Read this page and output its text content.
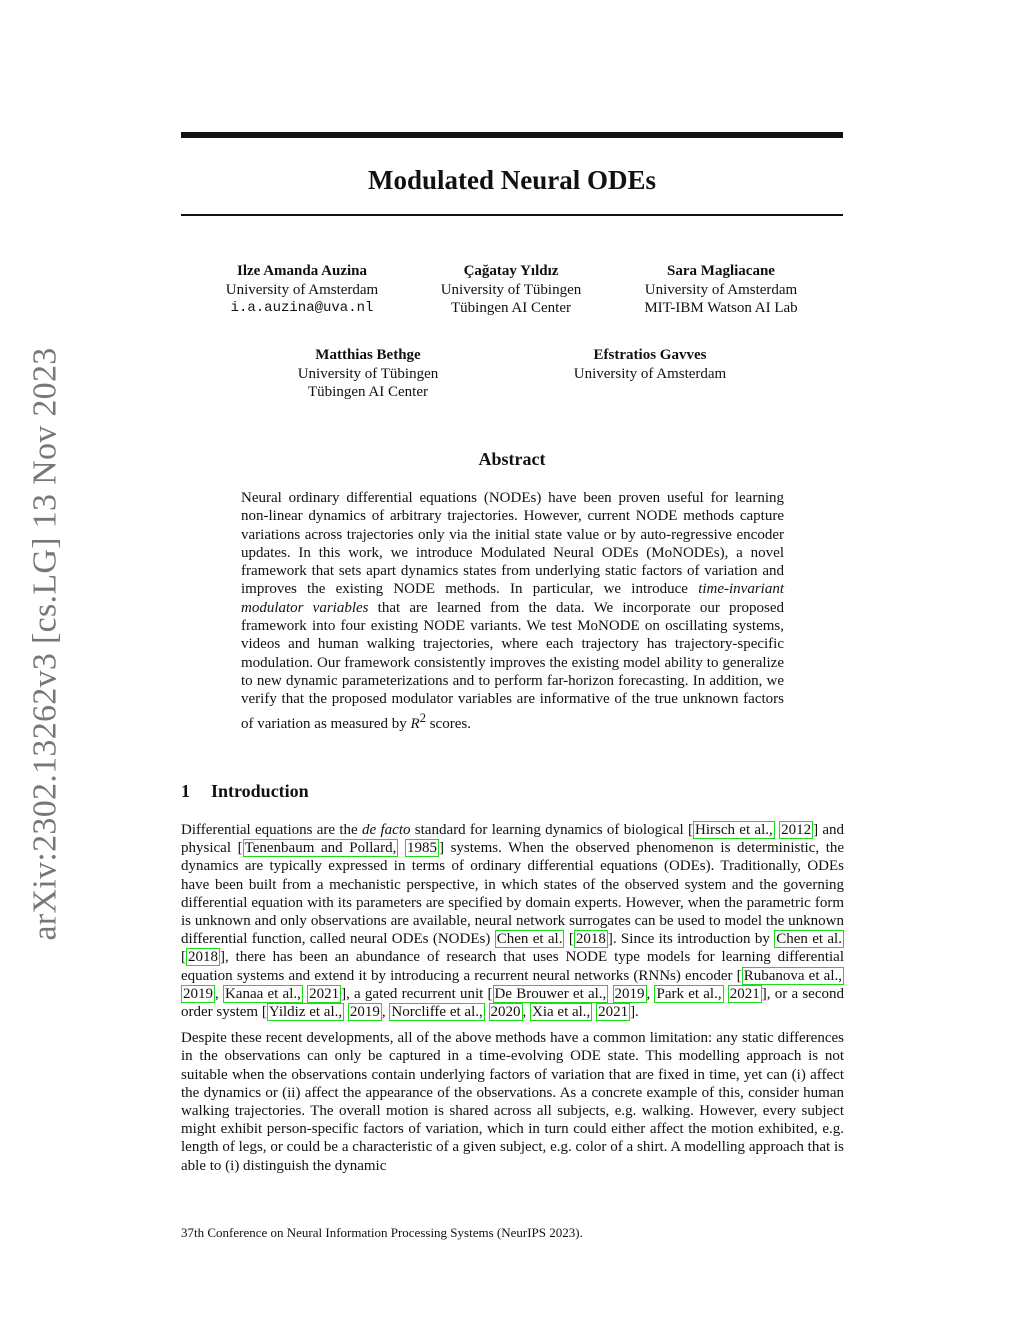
arXiv:2302.13262v3 [cs.LG] 13 Nov 2023
Modulated Neural ODEs
Ilze Amanda Auzina
University of Amsterdam
i.a.auzina@uva.nl
Çağatay Yıldız
University of Tübingen
Tübingen AI Center
Sara Magliacane
University of Amsterdam
MIT-IBM Watson AI Lab
Matthias Bethge
University of Tübingen
Tübingen AI Center
Efstratios Gavves
University of Amsterdam
Abstract
Neural ordinary differential equations (NODEs) have been proven useful for learning non-linear dynamics of arbitrary trajectories. However, current NODE methods capture variations across trajectories only via the initial state value or by auto-regressive encoder updates. In this work, we introduce Modulated Neural ODEs (MoNODEs), a novel framework that sets apart dynamics states from underlying static factors of variation and improves the existing NODE methods. In particular, we introduce time-invariant modulator variables that are learned from the data. We incorporate our proposed framework into four existing NODE variants. We test MoNODE on oscillating systems, videos and human walking trajectories, where each trajectory has trajectory-specific modulation. Our framework consistently improves the existing model ability to generalize to new dynamic parameterizations and to perform far-horizon forecasting. In addition, we verify that the proposed modulator variables are informative of the true unknown factors of variation as measured by $R^2$ scores.
1 Introduction

Differential equations are the de facto standard for learning dynamics of biological [ Hirsch et al., 2012 ] and physical [ Tenenbaum and Pollard, 1985 ] systems. When the observed phenomenon is deterministic, the dynamics are typically expressed in terms of ordinary differential equations (ODEs). Traditionally, ODEs have been built from a mechanistic perspective, in which states of the observed system and the governing differential equation with its parameters are specified by domain experts. However, when the parametric form is unknown and only observations are available, neural network surrogates can be used to model the unknown differential function, called neural ODEs (NODEs) Chen et al. [ 2018 ]. Since its introduction by Chen et al. [ 2018 ], there has been an abundance of research that uses NODE type models for learning differential equation systems and extend it by introducing a recurrent neural networks (RNNs) encoder [ Rubanova et al., 2019 , Kanaa et al., 2021 ], a gated recurrent unit [ De Brouwer et al., 2019 , Park et al., 2021 ], or a second order system [ Yildiz et al., 2019 , Norcliffe et al., 2020 , Xia et al., 2021 ].

Despite these recent developments, all of the above methods have a common limitation: any static differences in the observations can only be captured in a time-evolving ODE state. This modelling approach is not suitable when the observations contain underlying factors of variation that are fixed in time, yet can (i) affect the dynamics or (ii) affect the appearance of the observations. As a concrete example of this, consider human walking trajectories. The overall motion is shared across all subjects, e.g. walking. However, every subject might exhibit person-specific factors of variation, which in turn could either affect the motion exhibited, e.g. length of legs, or could be a characteristic of a given subject, e.g. color of a shirt. A modelling approach that is able to (i) distinguish the dynamic

37th Conference on Neural Information Processing Systems (NeurIPS 2023).
